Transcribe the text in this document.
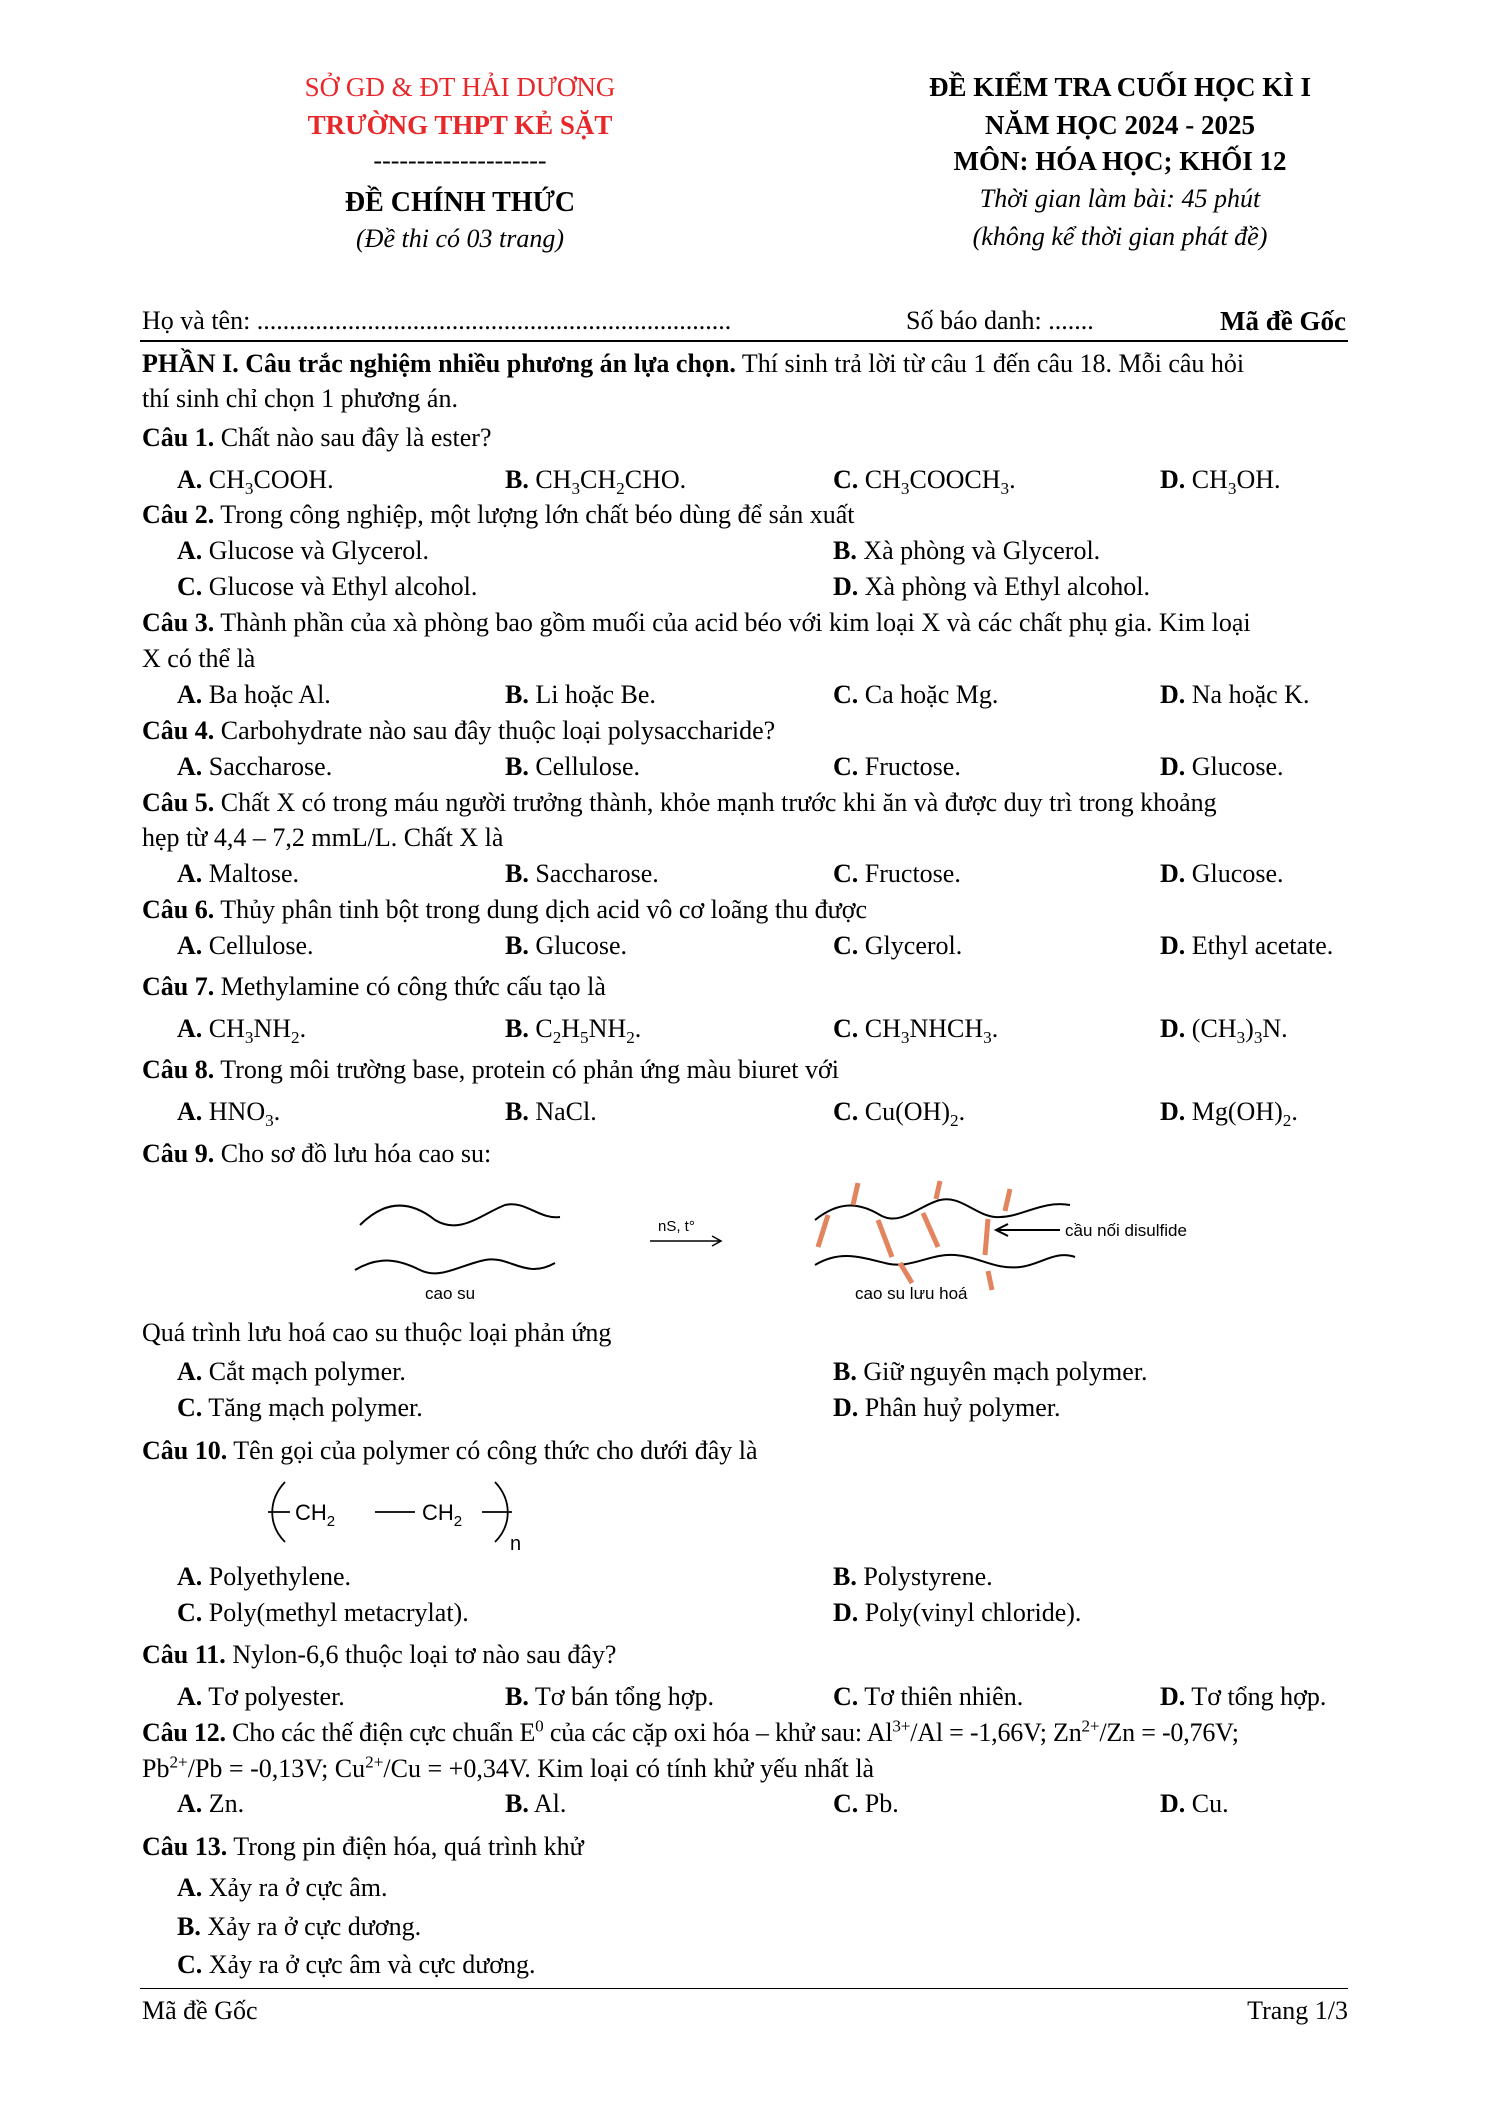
SỞ GD & ĐT HẢI DƯƠNG
TRƯỜNG THPT KẺ SẶT
--------------------
ĐỀ CHÍNH THỨC
(Đề thi có 03 trang)
ĐỀ KIỂM TRA CUỐI HỌC KÌ I
NĂM HỌC 2024 - 2025
MÔN: HÓA HỌC; KHỐI 12
Thời gian làm bài: 45 phút
(không kể thời gian phát đề)
Họ và tên: .........................................................................	Số báo danh: .......	Mã đề Gốc
PHẦN I. Câu trắc nghiệm nhiều phương án lựa chọn. Thí sinh trả lời từ câu 1 đến câu 18. Mỗi câu hỏi
thí sinh chỉ chọn 1 phương án.
Câu 1. Chất nào sau đây là ester?
A. $CH_3COOH$.	B. $CH_3CH_2CHO$.	C. $CH_3COOCH_3$.	D. $CH_3OH$.
Câu 2. Trong công nghiệp, một lượng lớn chất béo dùng để sản xuất
A. Glucose và Glycerol.	B. Xà phòng và Glycerol.
C. Glucose và Ethyl alcohol.	D. Xà phòng và Ethyl alcohol.
Câu 3. Thành phần của xà phòng bao gồm muối của acid béo với kim loại X và các chất phụ gia. Kim loại
X có thể là
A. Ba hoặc Al.	B. Li hoặc Be.	C. Ca hoặc Mg.	D. Na hoặc K.
Câu 4. Carbohydrate nào sau đây thuộc loại polysaccharide?
A. Saccharose.	B. Cellulose.	C. Fructose.	D. Glucose.
Câu 5. Chất X có trong máu người trưởng thành, khỏe mạnh trước khi ăn và được duy trì trong khoảng
hẹp từ 4,4 – 7,2 mmL/L. Chất X là
A. Maltose.	B. Saccharose.	C. Fructose.	D. Glucose.
Câu 6. Thủy phân tinh bột trong dung dịch acid vô cơ loãng thu được
A. Cellulose.	B. Glucose.	C. Glycerol.	D. Ethyl acetate.
Câu 7. Methylamine có công thức cấu tạo là
A. $CH_3NH_2$.	B. $C_2H_5NH_2$.	C. $CH_3NHCH_3$.	D. $(CH_3)_3N$.
Câu 8. Trong môi trường base, protein có phản ứng màu biuret với
A. $HNO_3$.	B. NaCl.	C. $Cu(OH)_2$.	D. $Mg(OH)_2$.
Câu 9. Cho sơ đồ lưu hóa cao su:
cao su
nS, t°
cao su lưu hoá
cầu nối disulfide
Quá trình lưu hoá cao su thuộc loại phản ứng
A. Cắt mạch polymer.	B. Giữ nguyên mạch polymer.
C. Tăng mạch polymer.	D. Phân huỷ polymer.
Câu 10. Tên gọi của polymer có công thức cho dưới đây là
$CH_2$	$CH_2$
n
A. Polyethylene.	B. Polystyrene.
C. Poly(methyl metacrylat).	D. Poly(vinyl chloride).
Câu 11. Nylon-6,6 thuộc loại tơ nào sau đây?
A. Tơ polyester.	B. Tơ bán tổng hợp.	C. Tơ thiên nhiên.	D. Tơ tổng hợp.
Câu 12. Cho các thế điện cực chuẩn $E^0$ của các cặp oxi hóa – khử sau: $Al^{3+}/Al = -1,66V$; $Zn^{2+}/Zn = -0,76V$;
$Pb^{2+}/Pb = -0,13V$; $Cu^{2+}/Cu = +0,34V$. Kim loại có tính khử yếu nhất là
A. Zn.	B. Al.	C. Pb.	D. Cu.
Câu 13. Trong pin điện hóa, quá trình khử
A. Xảy ra ở cực âm.
B. Xảy ra ở cực dương.
C. Xảy ra ở cực âm và cực dương.
Mã đề Gốc	Trang 1/3
